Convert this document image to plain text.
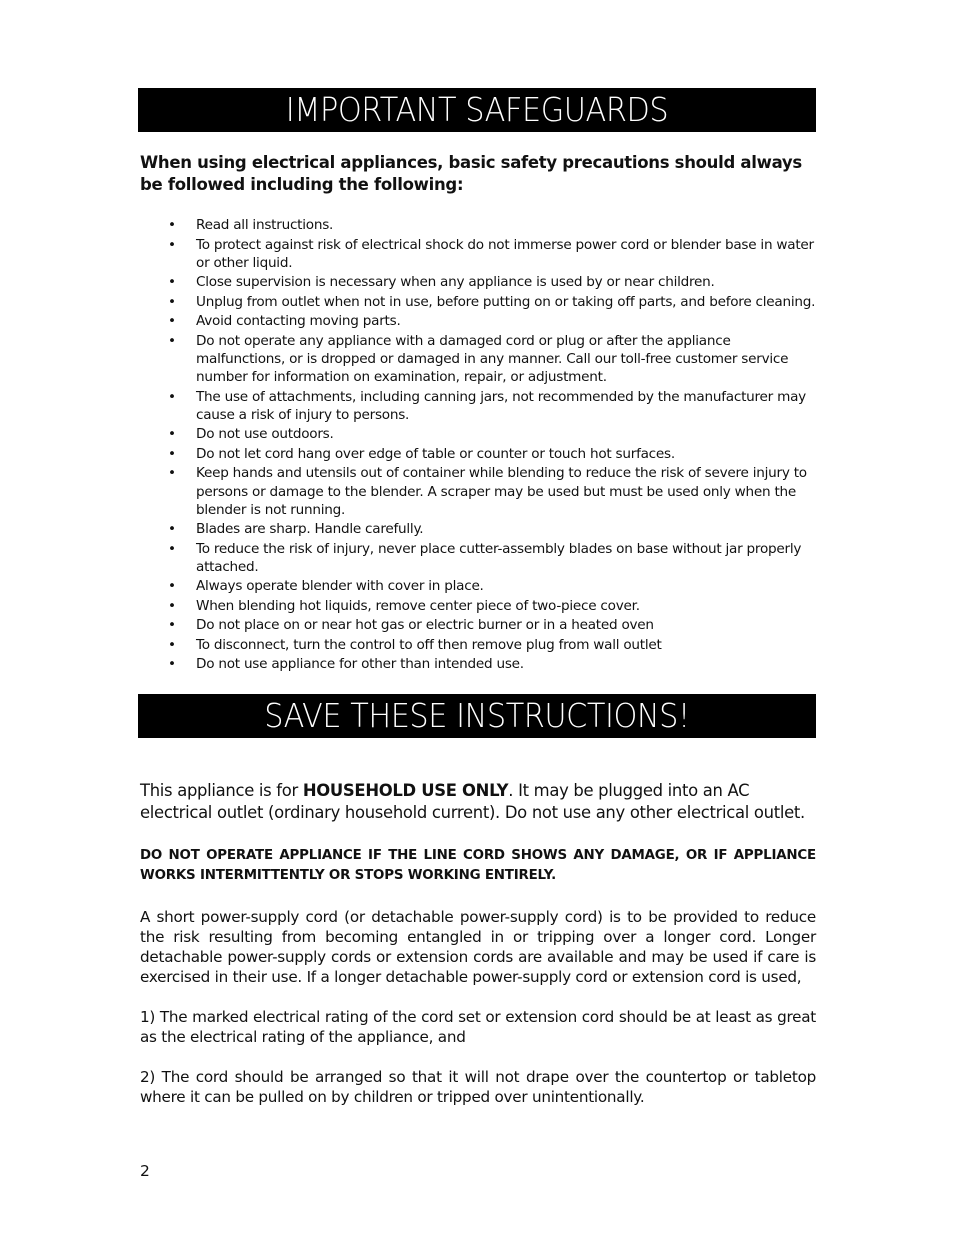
IMPORTANT SAFEGUARDS

When using electrical appliances, basic safety precautions should always be followed including the following:

• Read all instructions.
• To protect against risk of electrical shock do not immerse power cord or blender base in water or other liquid.
• Close supervision is necessary when any appliance is used by or near children.
• Unplug from outlet when not in use, before putting on or taking off parts, and before cleaning.
• Avoid contacting moving parts.
• Do not operate any appliance with a damaged cord or plug or after the appliance malfunctions, or is dropped or damaged in any manner. Call our toll-free customer service number for information on examination, repair, or adjustment.
• The use of attachments, including canning jars, not recommended by the manufacturer may cause a risk of injury to persons.
• Do not use outdoors.
• Do not let cord hang over edge of table or counter or touch hot surfaces.
• Keep hands and utensils out of container while blending to reduce the risk of severe injury to persons or damage to the blender. A scraper may be used but must be used only when the blender is not running.
• Blades are sharp. Handle carefully.
• To reduce the risk of injury, never place cutter-assembly blades on base without jar properly attached.
• Always operate blender with cover in place.
• When blending hot liquids, remove center piece of two-piece cover.
• Do not place on or near hot gas or electric burner or in a heated oven
• To disconnect, turn the control to off then remove plug from wall outlet
• Do not use appliance for other than intended use.
SAVE THESE INSTRUCTIONS!

This appliance is for HOUSEHOLD USE ONLY. It may be plugged into an AC electrical outlet (ordinary household current). Do not use any other electrical outlet.

DO NOT OPERATE APPLIANCE IF THE LINE CORD SHOWS ANY DAMAGE, OR IF APPLIANCE WORKS INTERMITTENTLY OR STOPS WORKING ENTIRELY.

A short power-supply cord (or detachable power-supply cord) is to be provided to reduce the risk resulting from becoming entangled in or tripping over a longer cord. Longer detachable power-supply cords or extension cords are available and may be used if care is exercised in their use. If a longer detachable power-supply cord or extension cord is used,

1) The marked electrical rating of the cord set or extension cord should be at least as great as the electrical rating of the appliance, and

2) The cord should be arranged so that it will not drape over the countertop or tabletop where it can be pulled on by children or tripped over unintentionally.

2
